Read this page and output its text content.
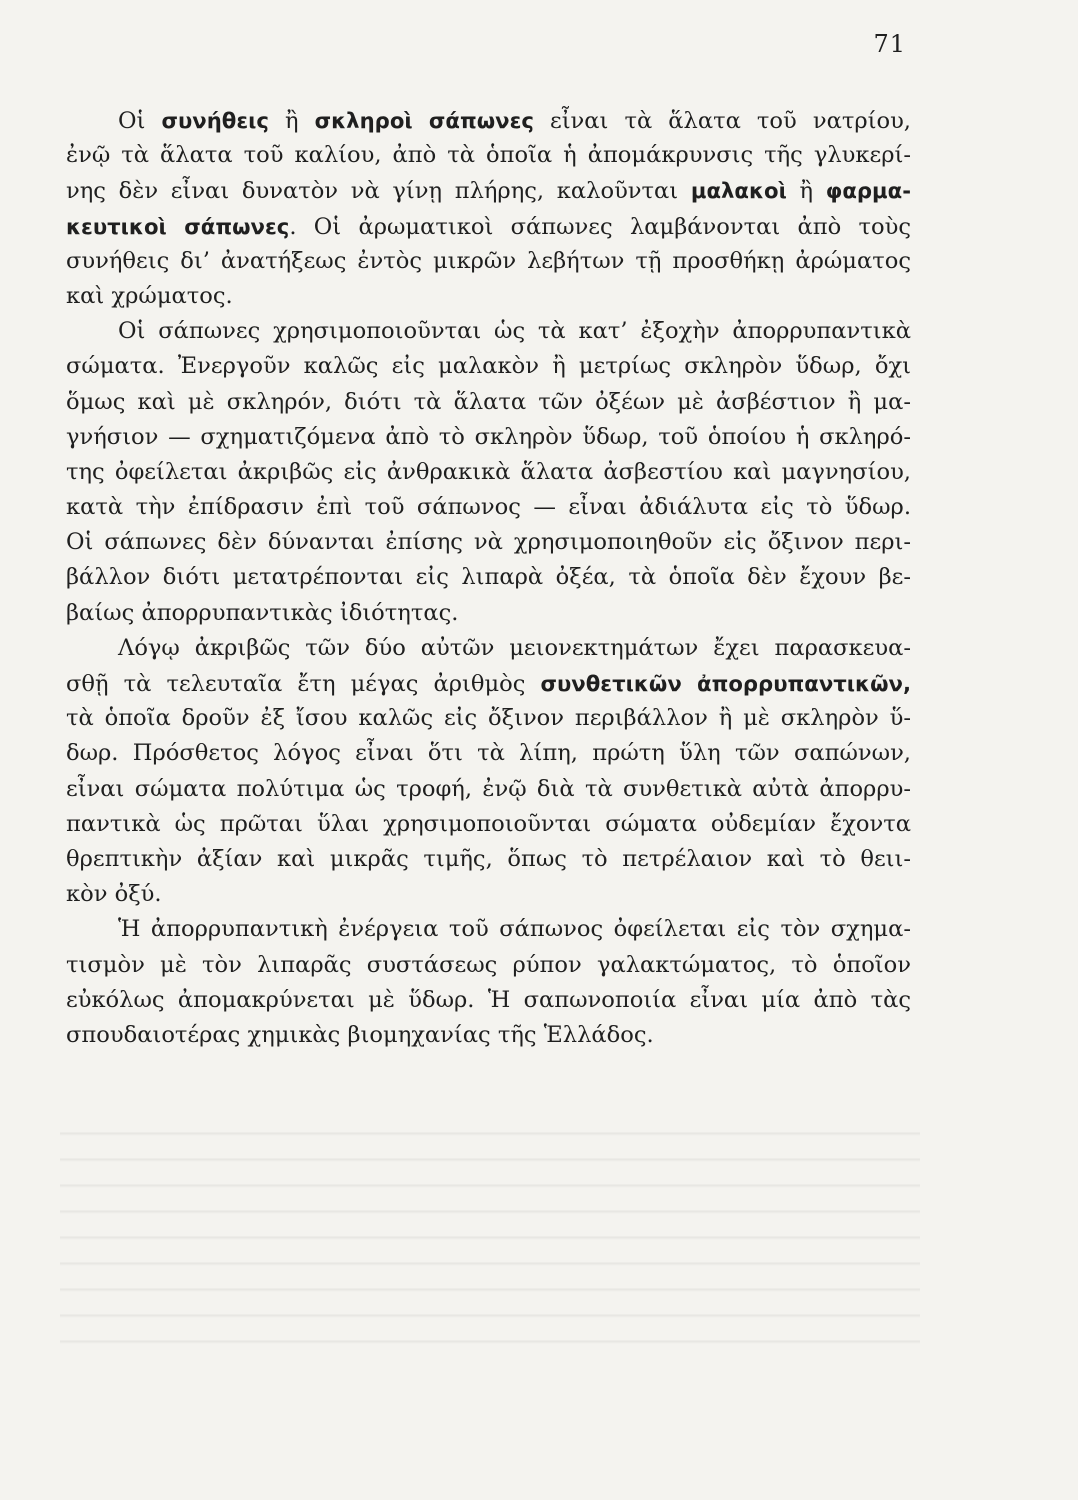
71
Οἱ συνήθεις ἢ σκληροὶ σάπωνες εἶναι τὰ ἅλατα τοῦ νατρίου,
ἐνῷ τὰ ἅλατα τοῦ καλίου, ἀπὸ τὰ ὁποῖα ἡ ἀπομάκρυνσις τῆς γλυκερί-
νης δὲν εἶναι δυνατὸν νὰ γίνῃ πλήρης, καλοῦνται μαλακοὶ ἢ φαρμα-
κευτικοὶ σάπωνες. Οἱ ἀρωματικοὶ σάπωνες λαμβάνονται ἀπὸ τοὺς
συνήθεις δι’ ἀνατήξεως ἐντὸς μικρῶν λεβήτων τῇ προσθήκῃ ἀρώματος
καὶ χρώματος.
Οἱ σάπωνες χρησιμοποιοῦνται ὡς τὰ κατ’ ἐξοχὴν ἀπορρυπαντικὰ
σώματα. Ἐνεργοῦν καλῶς εἰς μαλακὸν ἢ μετρίως σκληρὸν ὕδωρ, ὄχι
ὅμως καὶ μὲ σκληρόν, διότι τὰ ἅλατα τῶν ὀξέων μὲ ἀσβέστιον ἢ μα-
γνήσιον — σχηματιζόμενα ἀπὸ τὸ σκληρὸν ὕδωρ, τοῦ ὁποίου ἡ σκληρό-
της ὀφείλεται ἀκριβῶς εἰς ἀνθρακικὰ ἅλατα ἀσβεστίου καὶ μαγνησίου,
κατὰ τὴν ἐπίδρασιν ἐπὶ τοῦ σάπωνος — εἶναι ἀδιάλυτα εἰς τὸ ὕδωρ.
Οἱ σάπωνες δὲν δύνανται ἐπίσης νὰ χρησιμοποιηθοῦν εἰς ὄξινον περι-
βάλλον διότι μετατρέπονται εἰς λιπαρὰ ὀξέα, τὰ ὁποῖα δὲν ἔχουν βε-
βαίως ἀπορρυπαντικὰς ἰδιότητας.
Λόγῳ ἀκριβῶς τῶν δύο αὐτῶν μειονεκτημάτων ἔχει παρασκευα-
σθῇ τὰ τελευταῖα ἔτη μέγας ἀριθμὸς συνθετικῶν ἀπορρυπαντικῶν,
τὰ ὁποῖα δροῦν ἐξ ἴσου καλῶς εἰς ὄξινον περιβάλλον ἢ μὲ σκληρὸν ὕ-
δωρ. Πρόσθετος λόγος εἶναι ὅτι τὰ λίπη, πρώτη ὕλη τῶν σαπώνων,
εἶναι σώματα πολύτιμα ὡς τροφή, ἐνῷ διὰ τὰ συνθετικὰ αὐτὰ ἀπορρυ-
παντικὰ ὡς πρῶται ὕλαι χρησιμοποιοῦνται σώματα οὐδεμίαν ἔχοντα
θρεπτικὴν ἀξίαν καὶ μικρᾶς τιμῆς, ὅπως τὸ πετρέλαιον καὶ τὸ θειι-
κὸν ὀξύ.
Ἡ ἀπορρυπαντικὴ ἐνέργεια τοῦ σάπωνος ὀφείλεται εἰς τὸν σχημα-
τισμὸν μὲ τὸν λιπαρᾶς συστάσεως ρύπον γαλακτώματος, τὸ ὁποῖον
εὐκόλως ἀπομακρύνεται μὲ ὕδωρ. Ἡ σαπωνοποιία εἶναι μία ἀπὸ τὰς
σπουδαιοτέρας χημικὰς βιομηχανίας τῆς Ἑλλάδος.
